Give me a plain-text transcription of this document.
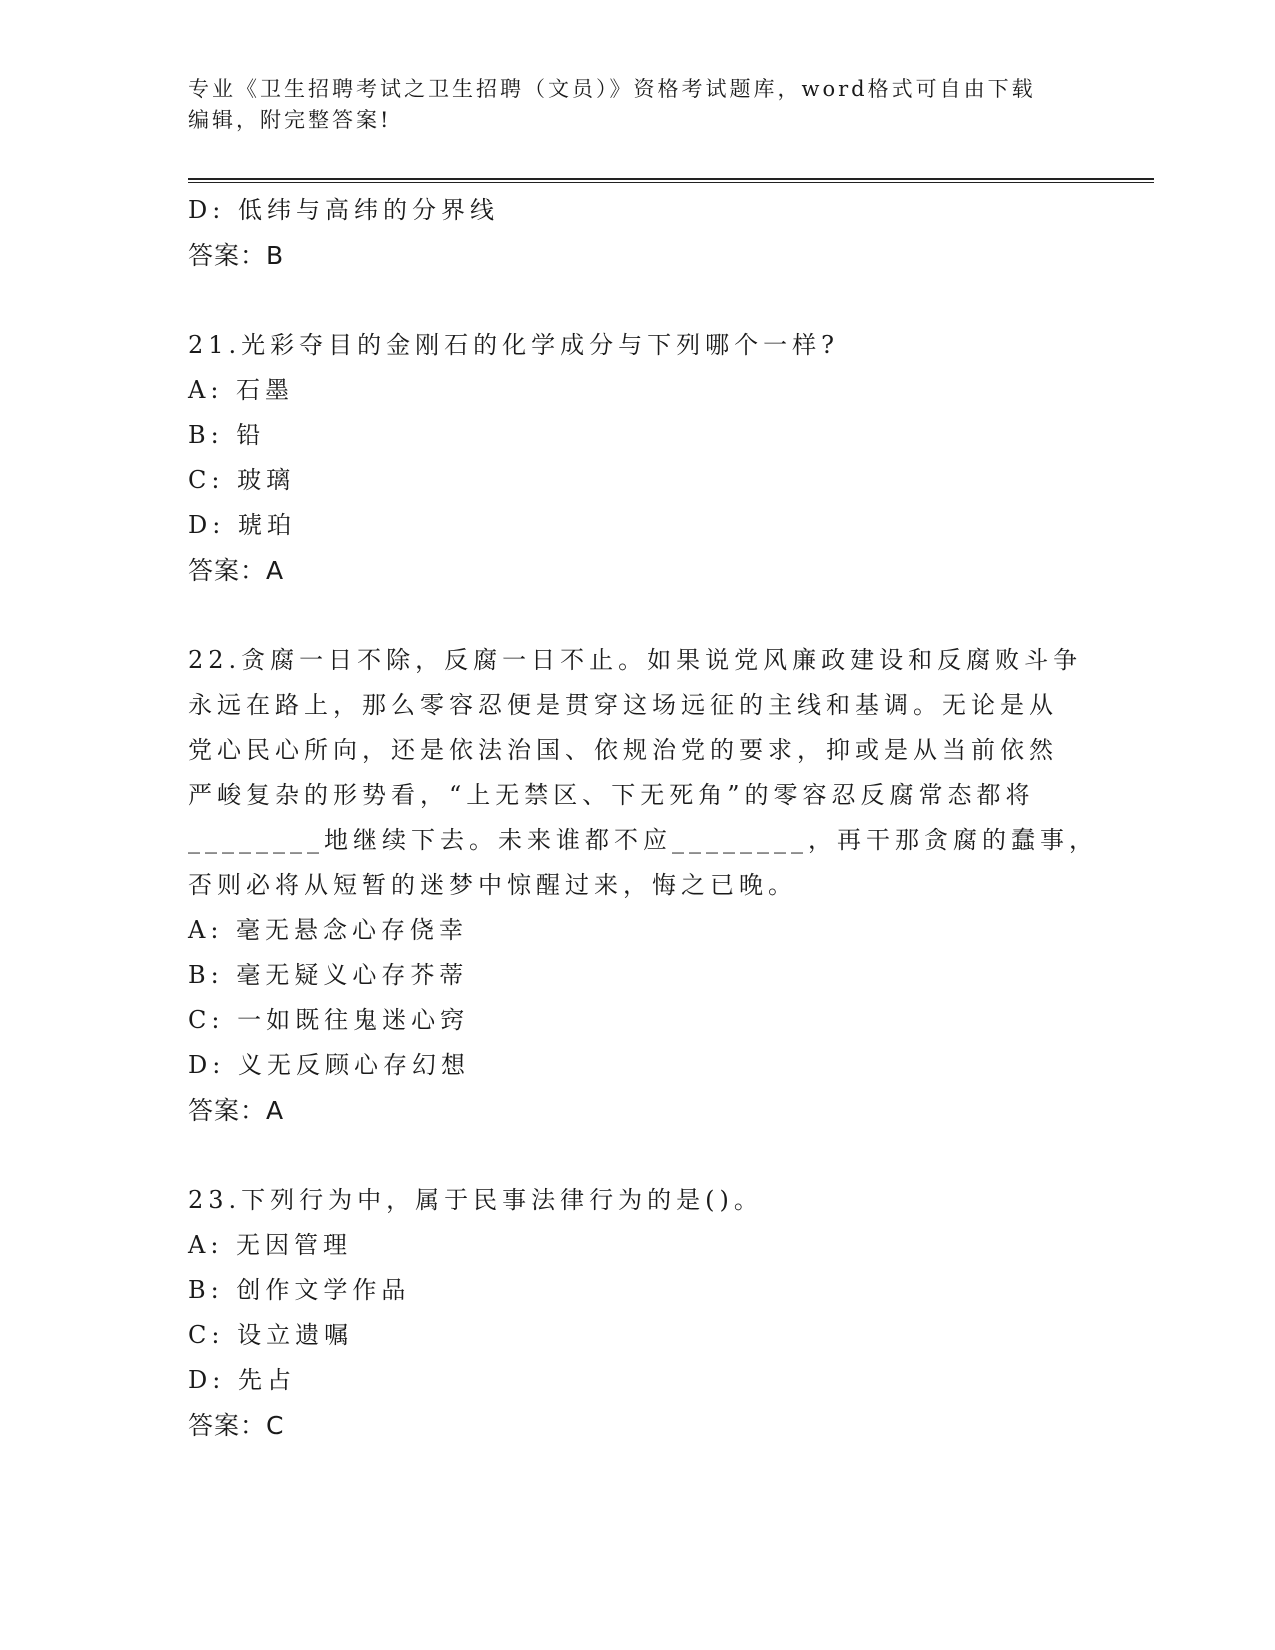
专业《卫生招聘考试之卫生招聘（文员）》资格考试题库，word格式可自由下载
编辑，附完整答案!
D: 低纬与高纬的分界线
答案：B
21.光彩夺目的金刚石的化学成分与下列哪个一样?
A: 石墨
B: 铅
C: 玻璃
D: 琥珀
答案：A
22.贪腐一日不除，反腐一日不止。如果说党风廉政建设和反腐败斗争
永远在路上，那么零容忍便是贯穿这场远征的主线和基调。无论是从
党心民心所向，还是依法治国、依规治党的要求，抑或是从当前依然
严峻复杂的形势看，“上无禁区、下无死角”的零容忍反腐常态都将
________地继续下去。未来谁都不应________，再干那贪腐的蠢事，
否则必将从短暂的迷梦中惊醒过来，悔之已晚。
A: 毫无悬念心存侥幸
B: 毫无疑义心存芥蒂
C: 一如既往鬼迷心窍
D: 义无反顾心存幻想
答案：A
23.下列行为中，属于民事法律行为的是()。
A: 无因管理
B: 创作文学作品
C: 设立遗嘱
D: 先占
答案：C
